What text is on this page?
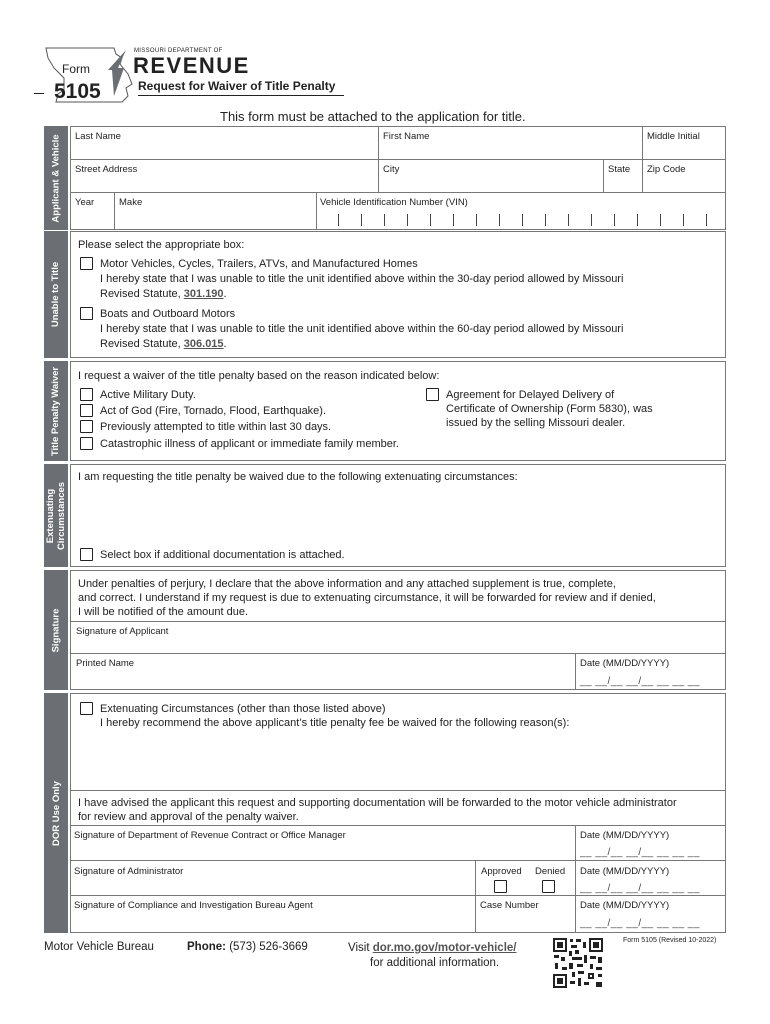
Form
5105
MISSOURI DEPARTMENT OF
REVENUE
Request for Waiver of Title Penalty
This form must be attached to the application for title.
Applicant & Vehicle Last Name	First Name	Middle Initial
Street Address	City	State Zip Code
Year	Make	Vehicle Identification Number (VIN)
Unable to Title
Please select the appropriate box:
Motor Vehicles, Cycles, Trailers, ATVs, and Manufactured Homes
I hereby state that I was unable to title the unit identified above within the 30-day period allowed by Missouri
Revised Statute, 301.190.
Boats and Outboard Motors
I hereby state that I was unable to title the unit identified above within the 60-day period allowed by Missouri
Revised Statute, 306.015.
Title Penalty Waiver I request a waiver of the title penalty based on the reason indicated below:
Active Military Duty.
Act of God (Fire, Tornado, Flood, Earthquake).
Previously attempted to title within last 30 days.
Catastrophic illness of applicant or immediate family member.
Agreement for Delayed Delivery of
Certificate of Ownership (Form 5830), was
issued by the selling Missouri dealer.
Extenuating Circumstances
I am requesting the title penalty be waived due to the following extenuating circumstances:
Select box if additional documentation is attached.
Signature
Under penalties of perjury, I declare that the above information and any attached supplement is true, complete,
and correct. I understand if my request is due to extenuating circumstance, it will be forwarded for review and if denied,
I will be notified of the amount due.
Signature of Applicant
Printed Name	Date (MM/DD/YYYY)
__ __/__ __/__ __ __ __
DOR Use Only
Extenuating Circumstances (other than those listed above)
I hereby recommend the above applicant’s title penalty fee be waived for the following reason(s):
I have advised the applicant this request and supporting documentation will be forwarded to the motor vehicle administrator
for review and approval of the penalty waiver.
Signature of Department of Revenue Contract or Office Manager	Date (MM/DD/YYYY)
__ __/__ __/__ __ __ __
Signature of Administrator	Approved Denied Date (MM/DD/YYYY)
__ __/__ __/__ __ __ __
Signature of Compliance and Investigation Bureau Agent	Case Number	Date (MM/DD/YYYY)
__ __/__ __/__ __ __ __
Motor Vehicle Bureau	Phone: (573) 526-3669	Visit dor.mo.gov/motor-vehicle/
for additional information.
Form 5105 (Revised 10-2022)
